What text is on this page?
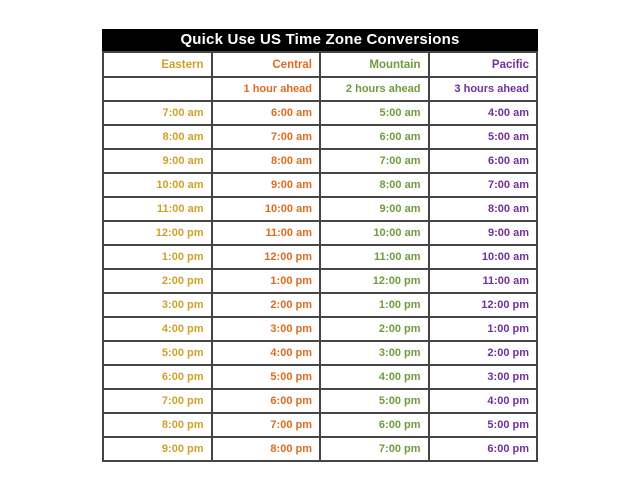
Quick Use US Time Zone Conversions
Eastern	Central	Mountain	Pacific
	1 hour ahead	2 hours ahead	3 hours ahead
7:00 am	6:00 am	5:00 am	4:00 am
8:00 am	7:00 am	6:00 am	5:00 am
9:00 am	8:00 am	7:00 am	6:00 am
10:00 am	9:00 am	8:00 am	7:00 am
11:00 am	10:00 am	9:00 am	8:00 am
12:00 pm	11:00 am	10:00 am	9:00 am
1:00 pm	12:00 pm	11:00 am	10:00 am
2:00 pm	1:00 pm	12:00 pm	11:00 am
3:00 pm	2:00 pm	1:00 pm	12:00 pm
4:00 pm	3:00 pm	2:00 pm	1:00 pm
5:00 pm	4:00 pm	3:00 pm	2:00 pm
6:00 pm	5:00 pm	4:00 pm	3:00 pm
7:00 pm	6:00 pm	5:00 pm	4:00 pm
8:00 pm	7:00 pm	6:00 pm	5:00 pm
9:00 pm	8:00 pm	7:00 pm	6:00 pm
